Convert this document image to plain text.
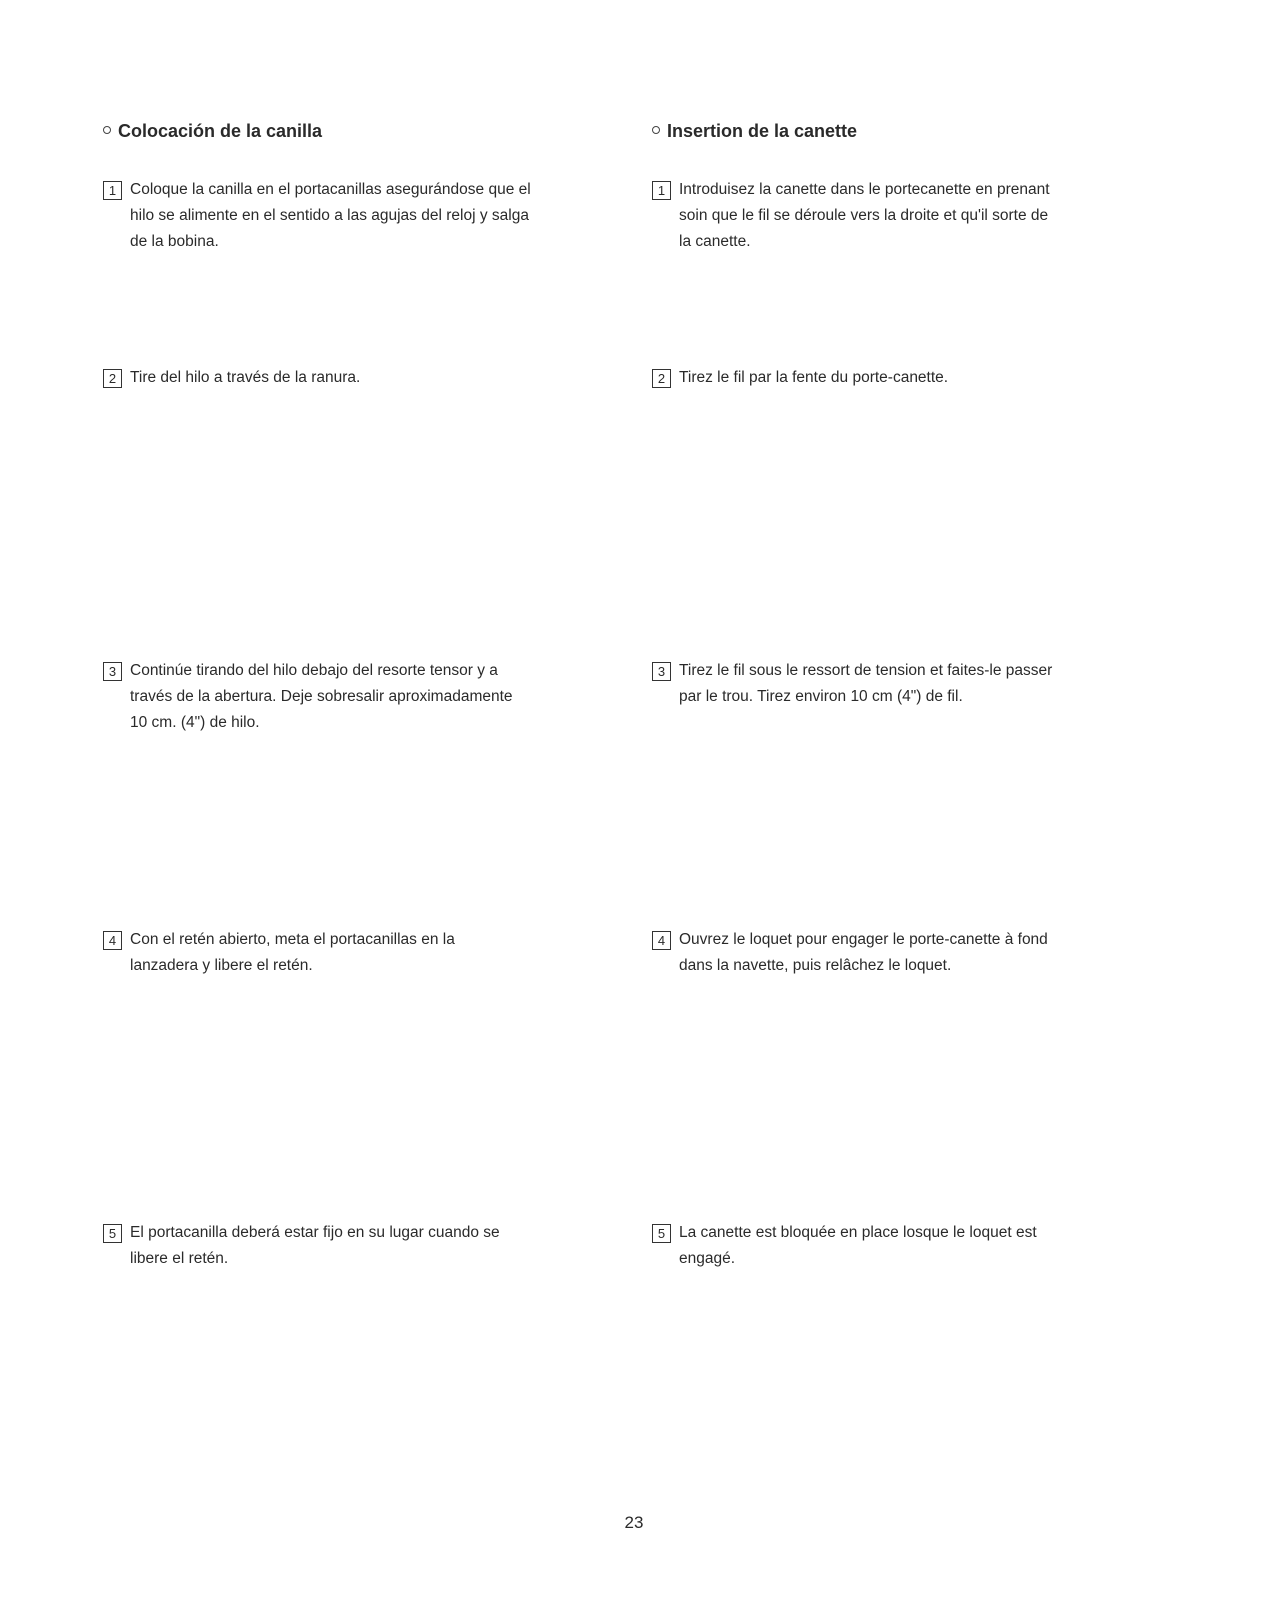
Colocación de la canilla
1 Coloque la canilla en el portacanillas asegurándose que el
hilo se alimente en el sentido a las agujas del reloj y salga
de la bobina.
2 Tire del hilo a través de la ranura.
3 Continúe tirando del hilo debajo del resorte tensor y a
través de la abertura. Deje sobresalir aproximadamente
10 cm. (4") de hilo.
4 Con el retén abierto, meta el portacanillas en la
lanzadera y libere el retén.
5 El portacanilla deberá estar fijo en su lugar cuando se
libere el retén.
Insertion de la canette
1 Introduisez la canette dans le portecanette en prenant
soin que le fil se déroule vers la droite et qu'il sorte de
la canette.
2 Tirez le fil par la fente du porte-canette.
3 Tirez le fil sous le ressort de tension et faites-le passer
par le trou. Tirez environ 10 cm (4") de fil.
4 Ouvrez le loquet pour engager le porte-canette à fond
dans la navette, puis relâchez le loquet.
5 La canette est bloquée en place losque le loquet est
engagé.
23
